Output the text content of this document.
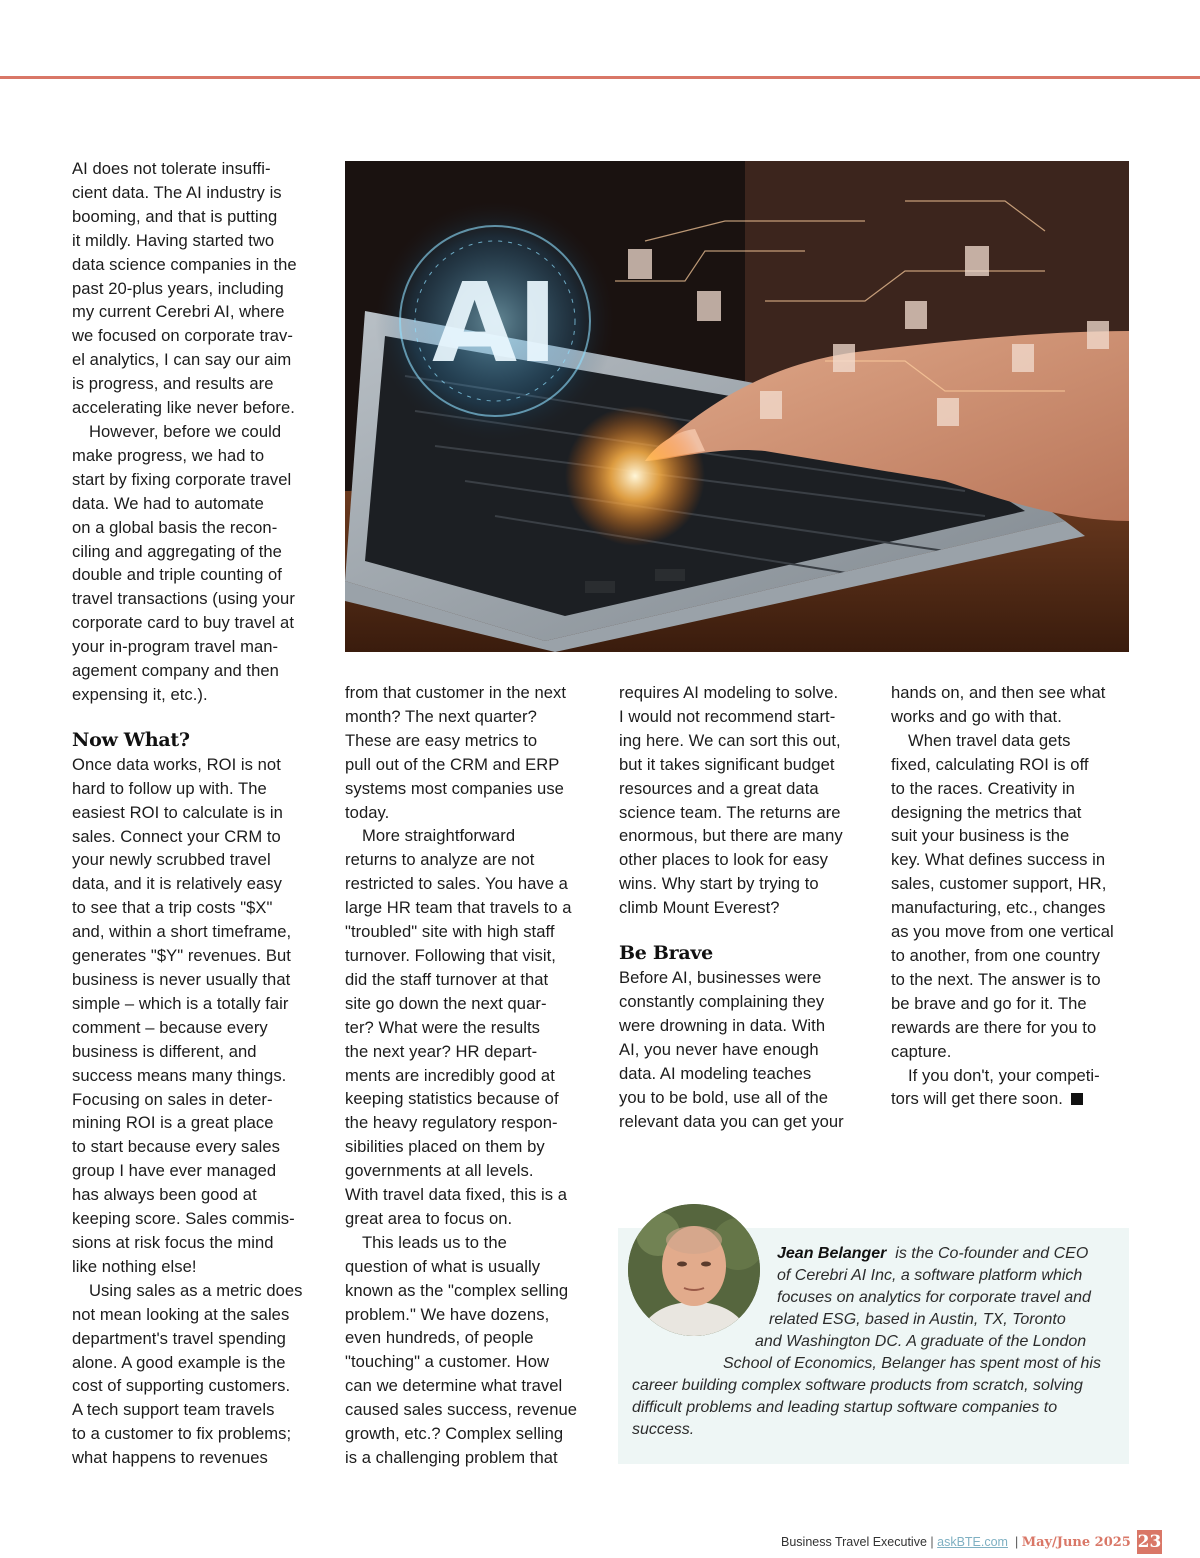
AI does not tolerate insuffi-
cient data. The AI industry is
booming, and that is putting
it mildly. Having started two
data science companies in the
past 20-plus years, including
my current Cerebri AI, where
we focused on corporate trav-
el analytics, I can say our aim
is progress, and results are
accelerating like never before.

However, before we could
make progress, we had to
start by fixing corporate travel
data. We had to automate
on a global basis the recon-
ciling and aggregating of the
double and triple counting of
travel transactions (using your
corporate card to buy travel at
your in-program travel man-
agement company and then
expensing it, etc.).

Now What?

Once data works, ROI is not
hard to follow up with. The
easiest ROI to calculate is in
sales. Connect your CRM to
your newly scrubbed travel
data, and it is relatively easy
to see that a trip costs "$X"
and, within a short timeframe,
generates "$Y" revenues. But
business is never usually that
simple – which is a totally fair
comment – because every
business is different, and
success means many things.
Focusing on sales in deter-
mining ROI is a great place
to start because every sales
group I have ever managed
has always been good at
keeping score. Sales commis-
sions at risk focus the mind
like nothing else!

Using sales as a metric does
not mean looking at the sales
department's travel spending
alone. A good example is the
cost of supporting customers.
A tech support team travels
to a customer to fix problems;
what happens to revenues

AI

from that customer in the next
month? The next quarter?
These are easy metrics to
pull out of the CRM and ERP
systems most companies use
today.

More straightforward
returns to analyze are not
restricted to sales. You have a
large HR team that travels to a
"troubled" site with high staff
turnover. Following that visit,
did the staff turnover at that
site go down the next quar-
ter? What were the results
the next year? HR depart-
ments are incredibly good at
keeping statistics because of
the heavy regulatory respon-
sibilities placed on them by
governments at all levels.
With travel data fixed, this is a
great area to focus on.

This leads us to the
question of what is usually
known as the "complex selling
problem." We have dozens,
even hundreds, of people
"touching" a customer. How
can we determine what travel
caused sales success, revenue
growth, etc.? Complex selling
is a challenging problem that

requires AI modeling to solve.
I would not recommend start-
ing here. We can sort this out,
but it takes significant budget
resources and a great data
science team. The returns are
enormous, but there are many
other places to look for easy
wins. Why start by trying to
climb Mount Everest?

Be Brave

Before AI, businesses were
constantly complaining they
were drowning in data. With
AI, you never have enough
data. AI modeling teaches
you to be bold, use all of the
relevant data you can get your

hands on, and then see what
works and go with that.

When travel data gets
fixed, calculating ROI is off
to the races. Creativity in
designing the metrics that
suit your business is the
key. What defines success in
sales, customer support, HR,
manufacturing, etc., changes
as you move from one vertical
to another, from one country
to the next. The answer is to
be brave and go for it. The
rewards are there for you to
capture.

If you don't, your competi-
tors will get there soon.

Jean Belanger is the Co-founder and CEO
of Cerebri AI Inc, a software platform which
focuses on analytics for corporate travel and
related ESG, based in Austin, TX, Toronto
and Washington DC. A graduate of the London
School of Economics, Belanger has spent most of his
career building complex software products from scratch, solving
difficult problems and leading startup software companies to
success.
Business Travel Executive | askBTE.com  | May/June 2025 23
